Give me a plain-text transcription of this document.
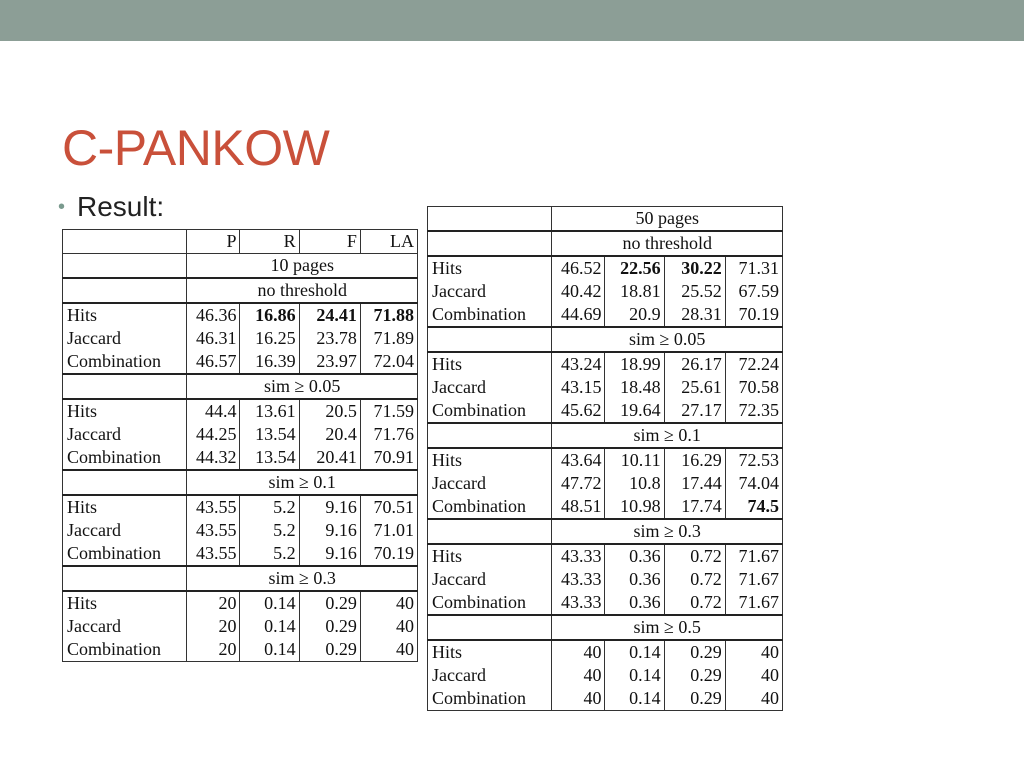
C-PANKOW
• Result:
	P	R	F	LA
	10 pages			
	no threshold			
Hits	46.36	16.86	24.41	71.88
Jaccard	46.31	16.25	23.78	71.89
Combination	46.57	16.39	23.97	72.04
	sim ≥ 0.05			
Hits	44.4	13.61	20.5	71.59
Jaccard	44.25	13.54	20.4	71.76
Combination	44.32	13.54	20.41	70.91
	sim ≥ 0.1			
Hits	43.55	5.2	9.16	70.51
Jaccard	43.55	5.2	9.16	71.01
Combination	43.55	5.2	9.16	70.19
	sim ≥ 0.3			
Hits	20	0.14	0.29	40
Jaccard	20	0.14	0.29	40
Combination	20	0.14	0.29	40
	50 pages			
	no threshold			
Hits	46.52	22.56	30.22	71.31
Jaccard	40.42	18.81	25.52	67.59
Combination	44.69	20.9	28.31	70.19
	sim ≥ 0.05			
Hits	43.24	18.99	26.17	72.24
Jaccard	43.15	18.48	25.61	70.58
Combination	45.62	19.64	27.17	72.35
	sim ≥ 0.1			
Hits	43.64	10.11	16.29	72.53
Jaccard	47.72	10.8	17.44	74.04
Combination	48.51	10.98	17.74	74.5
	sim ≥ 0.3			
Hits	43.33	0.36	0.72	71.67
Jaccard	43.33	0.36	0.72	71.67
Combination	43.33	0.36	0.72	71.67
	sim ≥ 0.5			
Hits	40	0.14	0.29	40
Jaccard	40	0.14	0.29	40
Combination	40	0.14	0.29	40
